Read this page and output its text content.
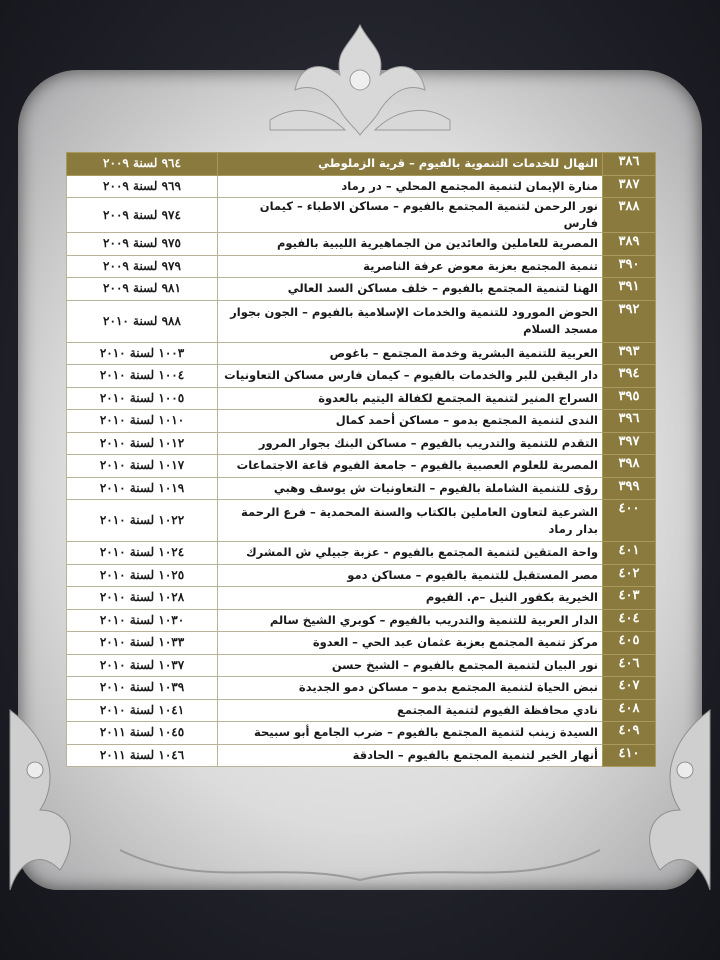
٣٨٦	النهال للخدمات التنموية بالفيوم – قرية الزملوطي	٩٦٤ لسنة ٢٠٠٩
٣٨٧	منارة الإيمان لتنمية المجتمع المحلي – در رماد	٩٦٩ لسنة ٢٠٠٩
٣٨٨	نور الرحمن لتنمية المجتمع بالفيوم – مساكن الاطباء – كيمان فارس	٩٧٤ لسنة ٢٠٠٩
٣٨٩	المصرية للعاملين والعائدين من الجماهيرية الليبية بالفيوم	٩٧٥ لسنة ٢٠٠٩
٣٩٠	تنمية المجتمع بعزبة معوض عرفة الناصرية	٩٧٩ لسنة ٢٠٠٩
٣٩١	الهنا لتنمية المجتمع بالفيوم – خلف مساكن السد العالي	٩٨١ لسنة ٢٠٠٩
٣٩٢	الحوض المورود للتنمية والخدمات الإسلامية بالفيوم – الجون بجوار مسجد السلام	٩٨٨ لسنة ٢٠١٠
٣٩٣	العربية للتنمية البشرية وخدمة المجتمع – باغوص	١٠٠٣ لسنة ٢٠١٠
٣٩٤	دار اليقين للبر والخدمات بالفيوم – كيمان فارس مساكن التعاونيات	١٠٠٤ لسنة ٢٠١٠
٣٩٥	السراج المنير لتنمية المجتمع لكفالة اليتيم بالعدوة	١٠٠٥ لسنة ٢٠١٠
٣٩٦	الندى لتنمية المجتمع بدمو – مساكن أحمد كمال	١٠١٠ لسنة ٢٠١٠
٣٩٧	التقدم للتنمية والتدريب بالفيوم – مساكن البنك بجوار المرور	١٠١٢ لسنة ٢٠١٠
٣٩٨	المصرية للعلوم العصبية بالفيوم – جامعة الفيوم قاعة الاجتماعات	١٠١٧ لسنة ٢٠١٠
٣٩٩	رؤى للتنمية الشاملة بالفيوم – التعاونيات ش يوسف وهبي	١٠١٩ لسنة ٢٠١٠
٤٠٠	الشرعية لتعاون العاملين بالكتاب والسنة المحمدية – فرع الرحمة بدار رماد	١٠٢٢ لسنة ٢٠١٠
٤٠١	واحة المتقين لتنمية المجتمع بالفيوم - عزبة جبيلي ش المشرك	١٠٢٤ لسنة ٢٠١٠
٤٠٢	مصر المستقبل للتنمية بالفيوم – مساكن دمو	١٠٢٥ لسنة ٢٠١٠
٤٠٣	الخيرية بكفور النيل –م. الفيوم	١٠٢٨ لسنة ٢٠١٠
٤٠٤	الدار العربية للتنمية والتدريب بالفيوم – كوبري الشيخ سالم	١٠٣٠ لسنة ٢٠١٠
٤٠٥	مركز تنمية المجتمع بعزبة عثمان عبد الحي – العدوة	١٠٣٣ لسنة ٢٠١٠
٤٠٦	نور البيان لتنمية المجتمع بالفيوم – الشيخ حسن	١٠٣٧ لسنة ٢٠١٠
٤٠٧	نبض الحياة لتنمية المجتمع بدمو – مساكن دمو الجديدة	١٠٣٩ لسنة ٢٠١٠
٤٠٨	نادي محافظة الفيوم لتنمية المجتمع	١٠٤١ لسنة ٢٠١٠
٤٠٩	السيدة زينب لتنمية المجتمع بالفيوم – ضرب الجامع أبو سبيحة	١٠٤٥ لسنة ٢٠١١
٤١٠	أنهار الخير لتنمية المجتمع بالفيوم – الحادقة	١٠٤٦ لسنة ٢٠١١
